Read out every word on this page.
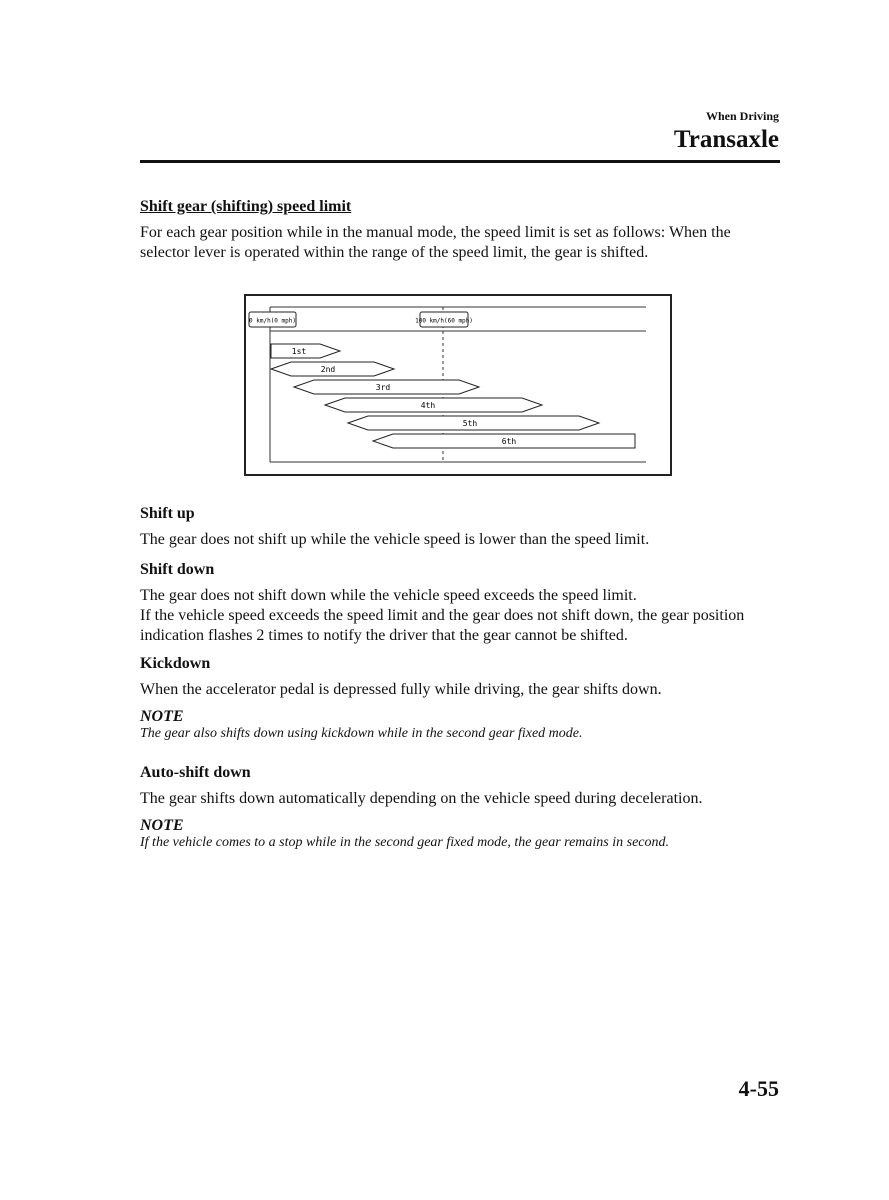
When Driving
Transaxle
Shift gear (shifting) speed limit
For each gear position while in the manual mode, the speed limit is set as follows: When the selector lever is operated within the range of the speed limit, the gear is shifted.
0 km/h(0 mph)	100 km/h(60 mph)
1st
2nd
3rd
4th
5th
6th
Shift up
The gear does not shift up while the vehicle speed is lower than the speed limit.
Shift down
The gear does not shift down while the vehicle speed exceeds the speed limit.
If the vehicle speed exceeds the speed limit and the gear does not shift down, the gear position indication flashes 2 times to notify the driver that the gear cannot be shifted.
Kickdown
When the accelerator pedal is depressed fully while driving, the gear shifts down.
NOTE
The gear also shifts down using kickdown while in the second gear fixed mode.
Auto-shift down
The gear shifts down automatically depending on the vehicle speed during deceleration.
NOTE
If the vehicle comes to a stop while in the second gear fixed mode, the gear remains in second.
4-55
